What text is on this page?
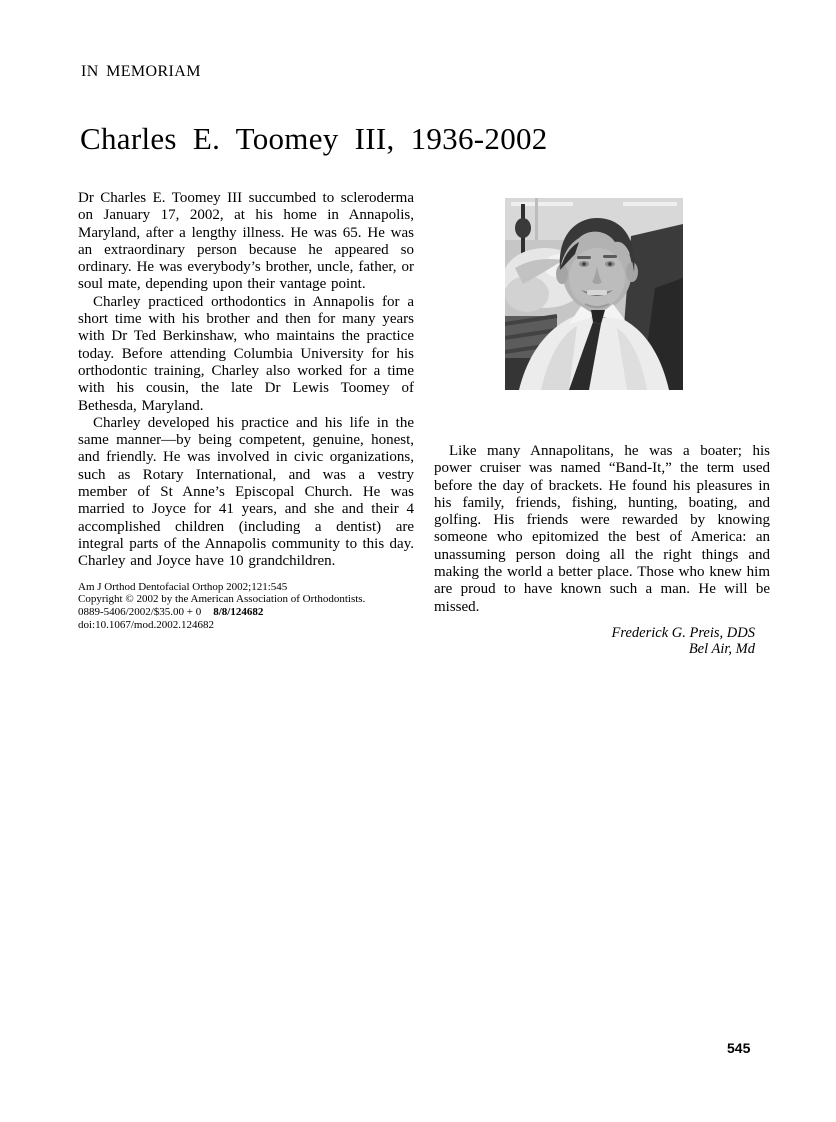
IN MEMORIAM
Charles E. Toomey III, 1936-2002

Dr Charles E. Toomey III succumbed to scleroderma on January 17, 2002, at his home in Annapolis, Maryland, after a lengthy illness. He was 65. He was an extraordinary person because he appeared so ordinary. He was everybody’s brother, uncle, father, or soul mate, depending upon their vantage point.

Charley practiced orthodontics in Annapolis for a short time with his brother and then for many years with Dr Ted Berkinshaw, who maintains the practice today. Before attending Columbia University for his orthodontic training, Charley also worked for a time with his cousin, the late Dr Lewis Toomey of Bethesda, Maryland.

Charley developed his practice and his life in the same manner—by being competent, genuine, honest, and friendly. He was involved in civic organizations, such as Rotary International, and was a vestry member of St Anne’s Episcopal Church. He was married to Joyce for 41 years, and she and their 4 accomplished children (including a dentist) are integral parts of the Annapolis community to this day. Charley and Joyce have 10 grandchildren.

Am J Orthod Dentofacial Orthop 2002;121:545
Copyright © 2002 by the American Association of Orthodontists.
0889-5406/2002/$35.00 + 0 8/8/124682
doi:10.1067/mod.2002.124682

Like many Annapolitans, he was a boater; his power cruiser was named “Band-It,” the term used before the day of brackets. He found his pleasures in his family, friends, fishing, hunting, boating, and golfing. His friends were rewarded by knowing someone who epitomized the best of America: an unassuming person doing all the right things and making the world a better place. Those who knew him are proud to have known such a man. He will be missed.

Frederick G. Preis, DDS
Bel Air, Md
545
